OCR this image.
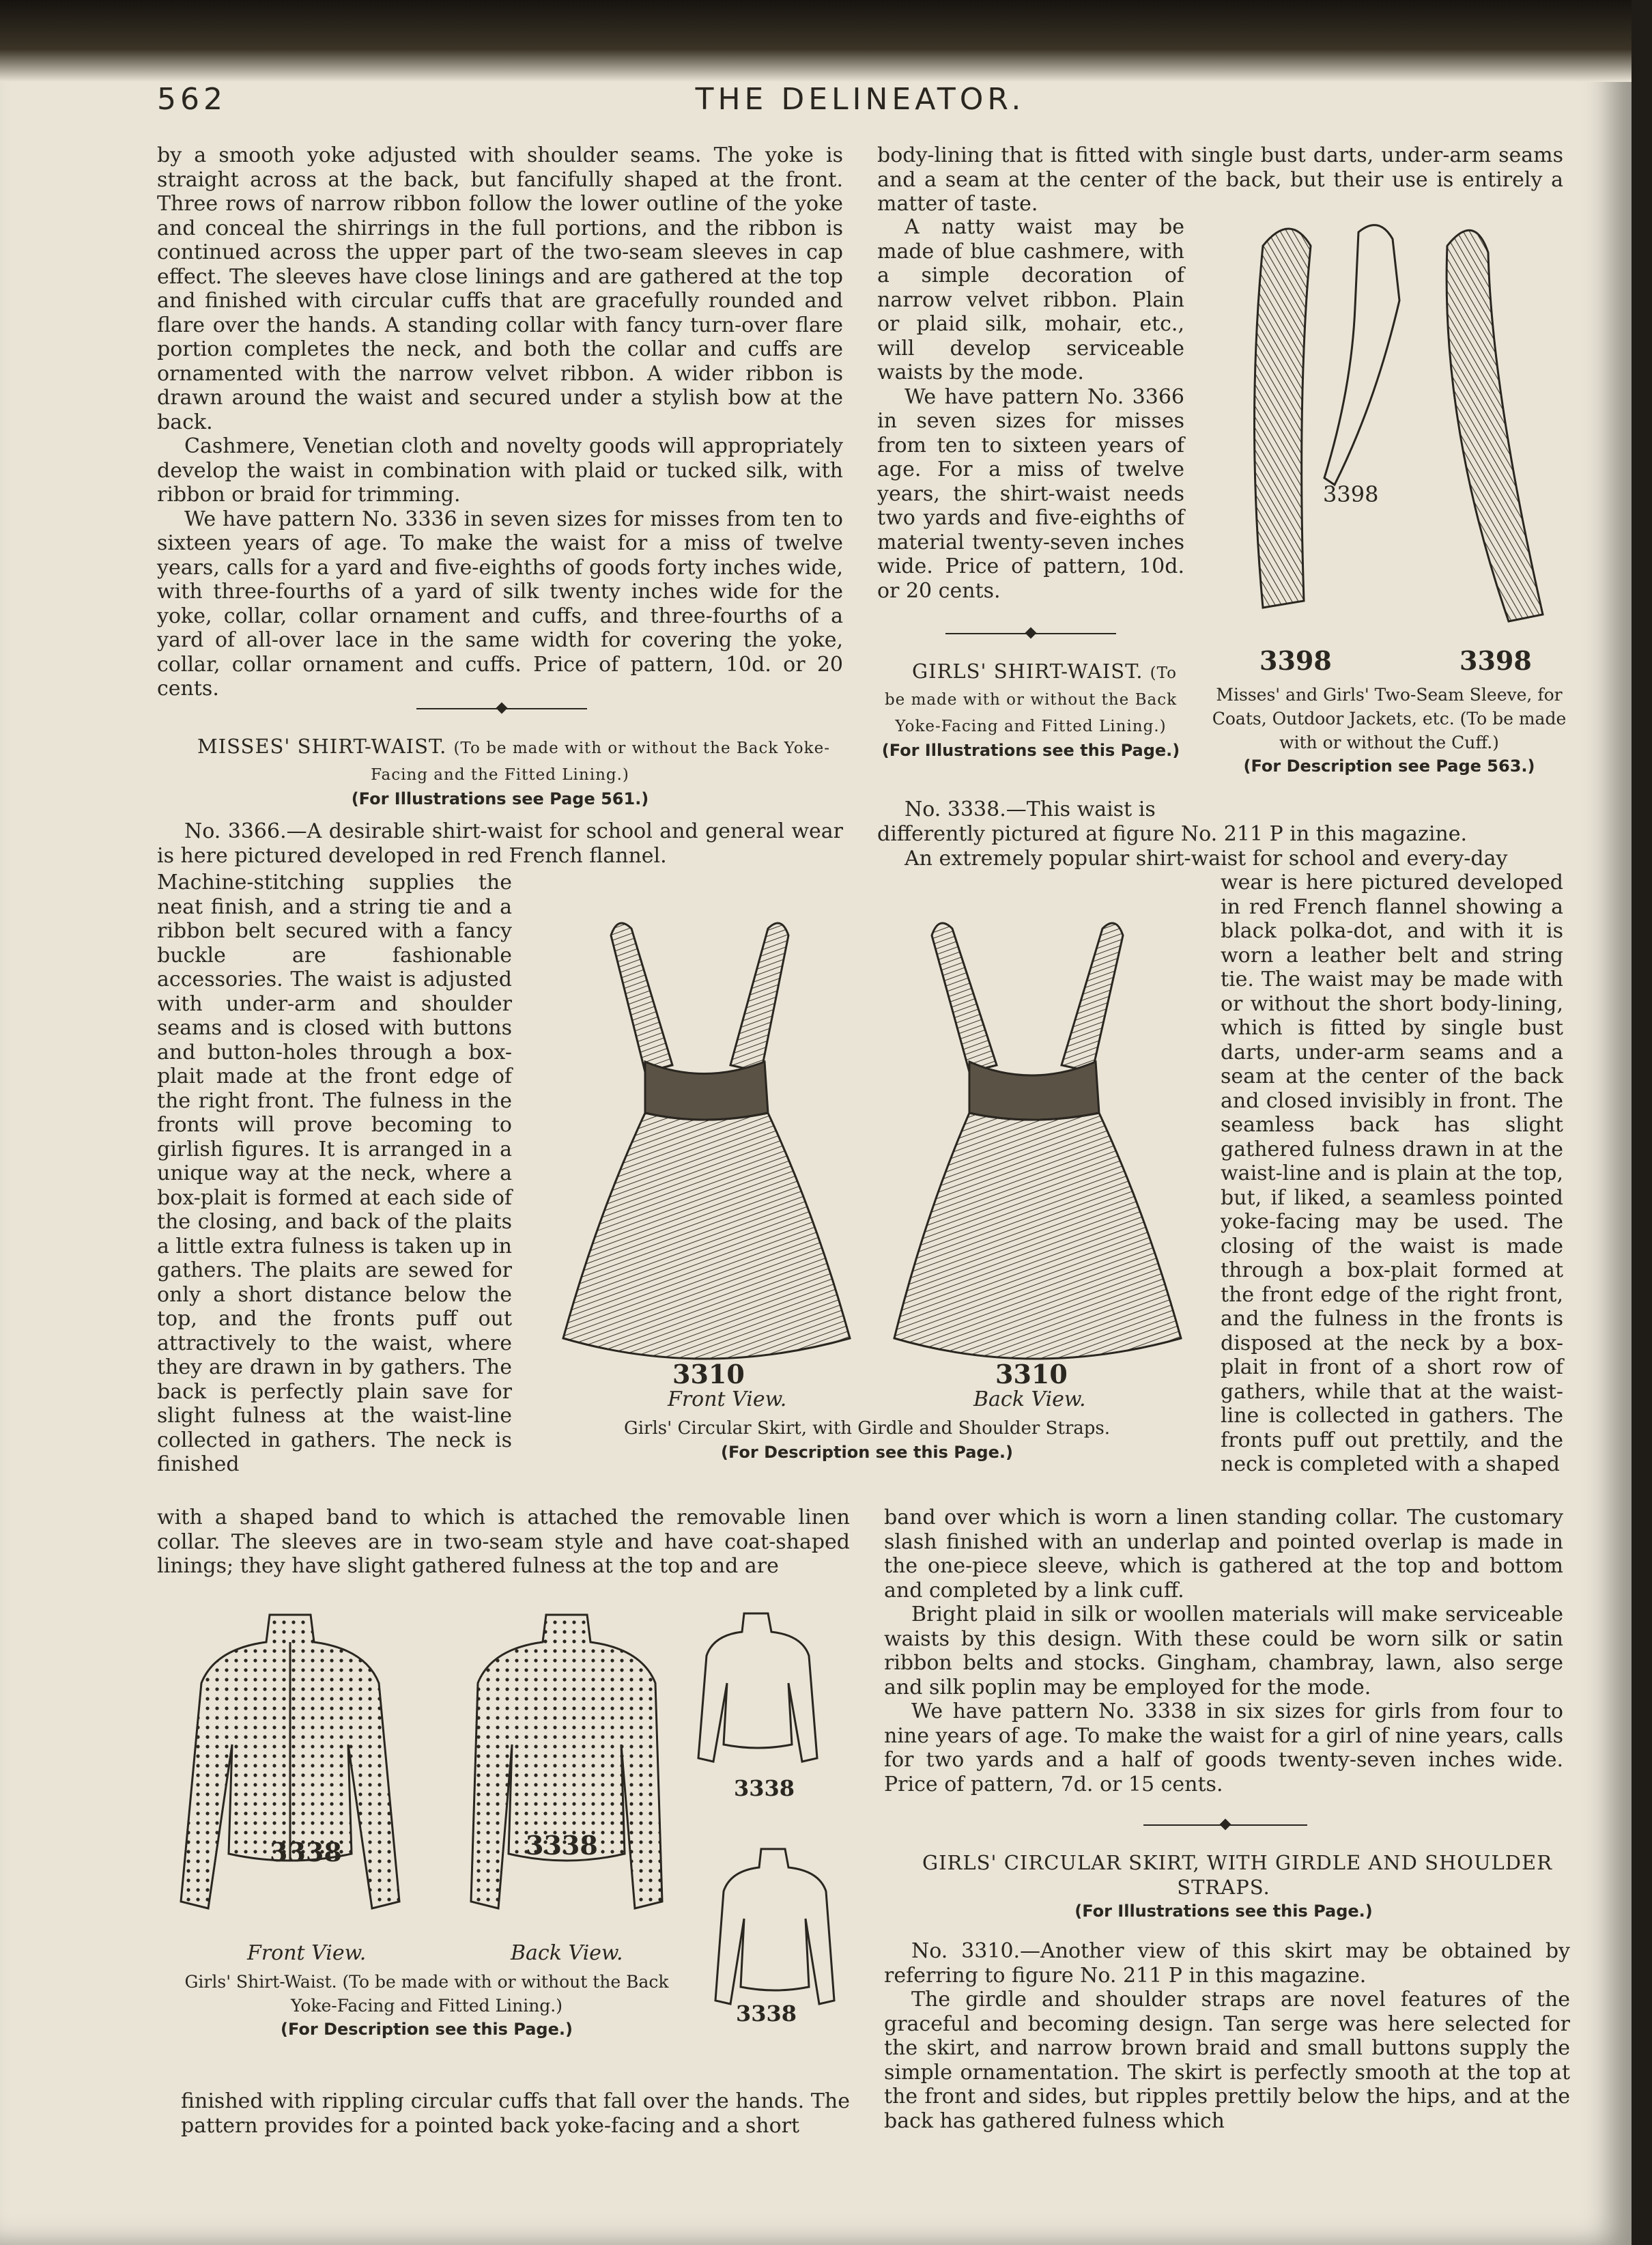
562	THE DELINEATOR.

by a smooth yoke adjusted with shoulder seams. The yoke is straight across at the back, but fancifully shaped at the front. Three rows of narrow ribbon follow the lower outline of the yoke and conceal the shirrings in the full portions, and the ribbon is continued across the upper part of the two-seam sleeves in cap effect. The sleeves have close linings and are gathered at the top and finished with circular cuffs that are gracefully rounded and flare over the hands. A standing collar with fancy turn-over flare portion completes the neck, and both the collar and cuffs are ornamented with the narrow velvet ribbon. A wider ribbon is drawn around the waist and secured under a stylish bow at the back.

Cashmere, Venetian cloth and novelty goods will appropriately develop the waist in combination with plaid or tucked silk, with ribbon or braid for trimming.

We have pattern No. 3336 in seven sizes for misses from ten to sixteen years of age. To make the waist for a miss of twelve years, calls for a yard and five-eighths of goods forty inches wide, with three-fourths of a yard of silk twenty inches wide for the yoke, collar, collar ornament and cuffs, and three-fourths of a yard of all-over lace in the same width for covering the yoke, collar, collar ornament and cuffs. Price of pattern, 10d. or 20 cents.

MISSES' SHIRT-WAIST. (To be made with or without the Back Yoke-Facing and the Fitted Lining.)

(For Illustrations see Page 561.)

No. 3366.—A desirable shirt-waist for school and general wear is here pictured developed in red French flannel.

Machine-stitching supplies the neat finish, and a string tie and a ribbon belt secured with a fancy buckle are fashionable accessories. The waist is adjusted with under-arm and shoulder seams and is closed with buttons and button-holes through a box-plait made at the front edge of the right front. The fulness in the fronts will prove becoming to girlish figures. It is arranged in a unique way at the neck, where a box-plait is formed at each side of the closing, and back of the plaits a little extra fulness is taken up in gathers. The plaits are sewed for only a short distance below the top, and the fronts puff out attractively to the waist, where they are drawn in by gathers. The back is perfectly plain save for slight fulness at the waist-line collected in gathers. The neck is finished

with a shaped band to which is attached the removable linen collar. The sleeves are in two-seam style and have coat-shaped linings; they have slight gathered fulness at the top and are

3310
Front View.
3310
Back View.
Girls' Circular Skirt, with Girdle and Shoulder Straps.
(For Description see this Page.)
3338	3338
3338
3338
Front View.	Back View.
Girls' Shirt-Waist. (To be made with or without the Back Yoke-Facing and Fitted Lining.)
(For Description see this Page.)

finished with rippling circular cuffs that fall over the hands. The pattern provides for a pointed back yoke-facing and a short

body-lining that is fitted with single bust darts, under-arm seams and a seam at the center of the back, but their use is entirely a matter of taste.

A natty waist may be made of blue cashmere, with a simple decoration of narrow velvet ribbon. Plain or plaid silk, mohair, etc., will develop serviceable waists by the mode.

We have pattern No. 3366 in seven sizes for misses from ten to sixteen years of age. For a miss of twelve years, the shirt-waist needs two yards and five-eighths of material twenty-seven inches wide. Price of pattern, 10d. or 20 cents.

GIRLS' SHIRT-WAIST. (To be made with or without the Back Yoke-Facing and Fitted Lining.)

(For Illustrations see this Page.)
3398
3398	3398
Misses' and Girls' Two-Seam Sleeve, for Coats, Outdoor Jackets, etc. (To be made with or without the Cuff.)
(For Description see Page 563.)

No. 3338.—This waist is

differently pictured at figure No. 211 P in this magazine.

An extremely popular shirt-waist for school and every-day

wear is here pictured developed in red French flannel showing a black polka-dot, and with it is worn a leather belt and string tie. The waist may be made with or without the short body-lining, which is fitted by single bust darts, under-arm seams and a seam at the center of the back and closed invisibly in front. The seamless back has slight gathered fulness drawn in at the waist-line and is plain at the top, but, if liked, a seamless pointed yoke-facing may be used. The closing of the waist is made through a box-plait formed at the front edge of the right front, and the fulness in the fronts is disposed at the neck by a box-plait in front of a short row of gathers, while that at the waist-line is collected in gathers. The fronts puff out prettily, and the neck is completed with a shaped

band over which is worn a linen standing collar. The customary slash finished with an underlap and pointed overlap is made in the one-piece sleeve, which is gathered at the top and bottom and completed by a link cuff.

Bright plaid in silk or woollen materials will make serviceable waists by this design. With these could be worn silk or satin ribbon belts and stocks. Gingham, chambray, lawn, also serge and silk poplin may be employed for the mode.

We have pattern No. 3338 in six sizes for girls from four to nine years of age. To make the waist for a girl of nine years, calls for two yards and a half of goods twenty-seven inches wide. Price of pattern, 7d. or 15 cents.

GIRLS' CIRCULAR SKIRT, WITH GIRDLE AND SHOULDER STRAPS.

(For Illustrations see this Page.)

No. 3310.—Another view of this skirt may be obtained by referring to figure No. 211 P in this magazine.

The girdle and shoulder straps are novel features of the graceful and becoming design. Tan serge was here selected for the skirt, and narrow brown braid and small buttons supply the simple ornamentation. The skirt is perfectly smooth at the top at the front and sides, but ripples prettily below the hips, and at the back has gathered fulness which
